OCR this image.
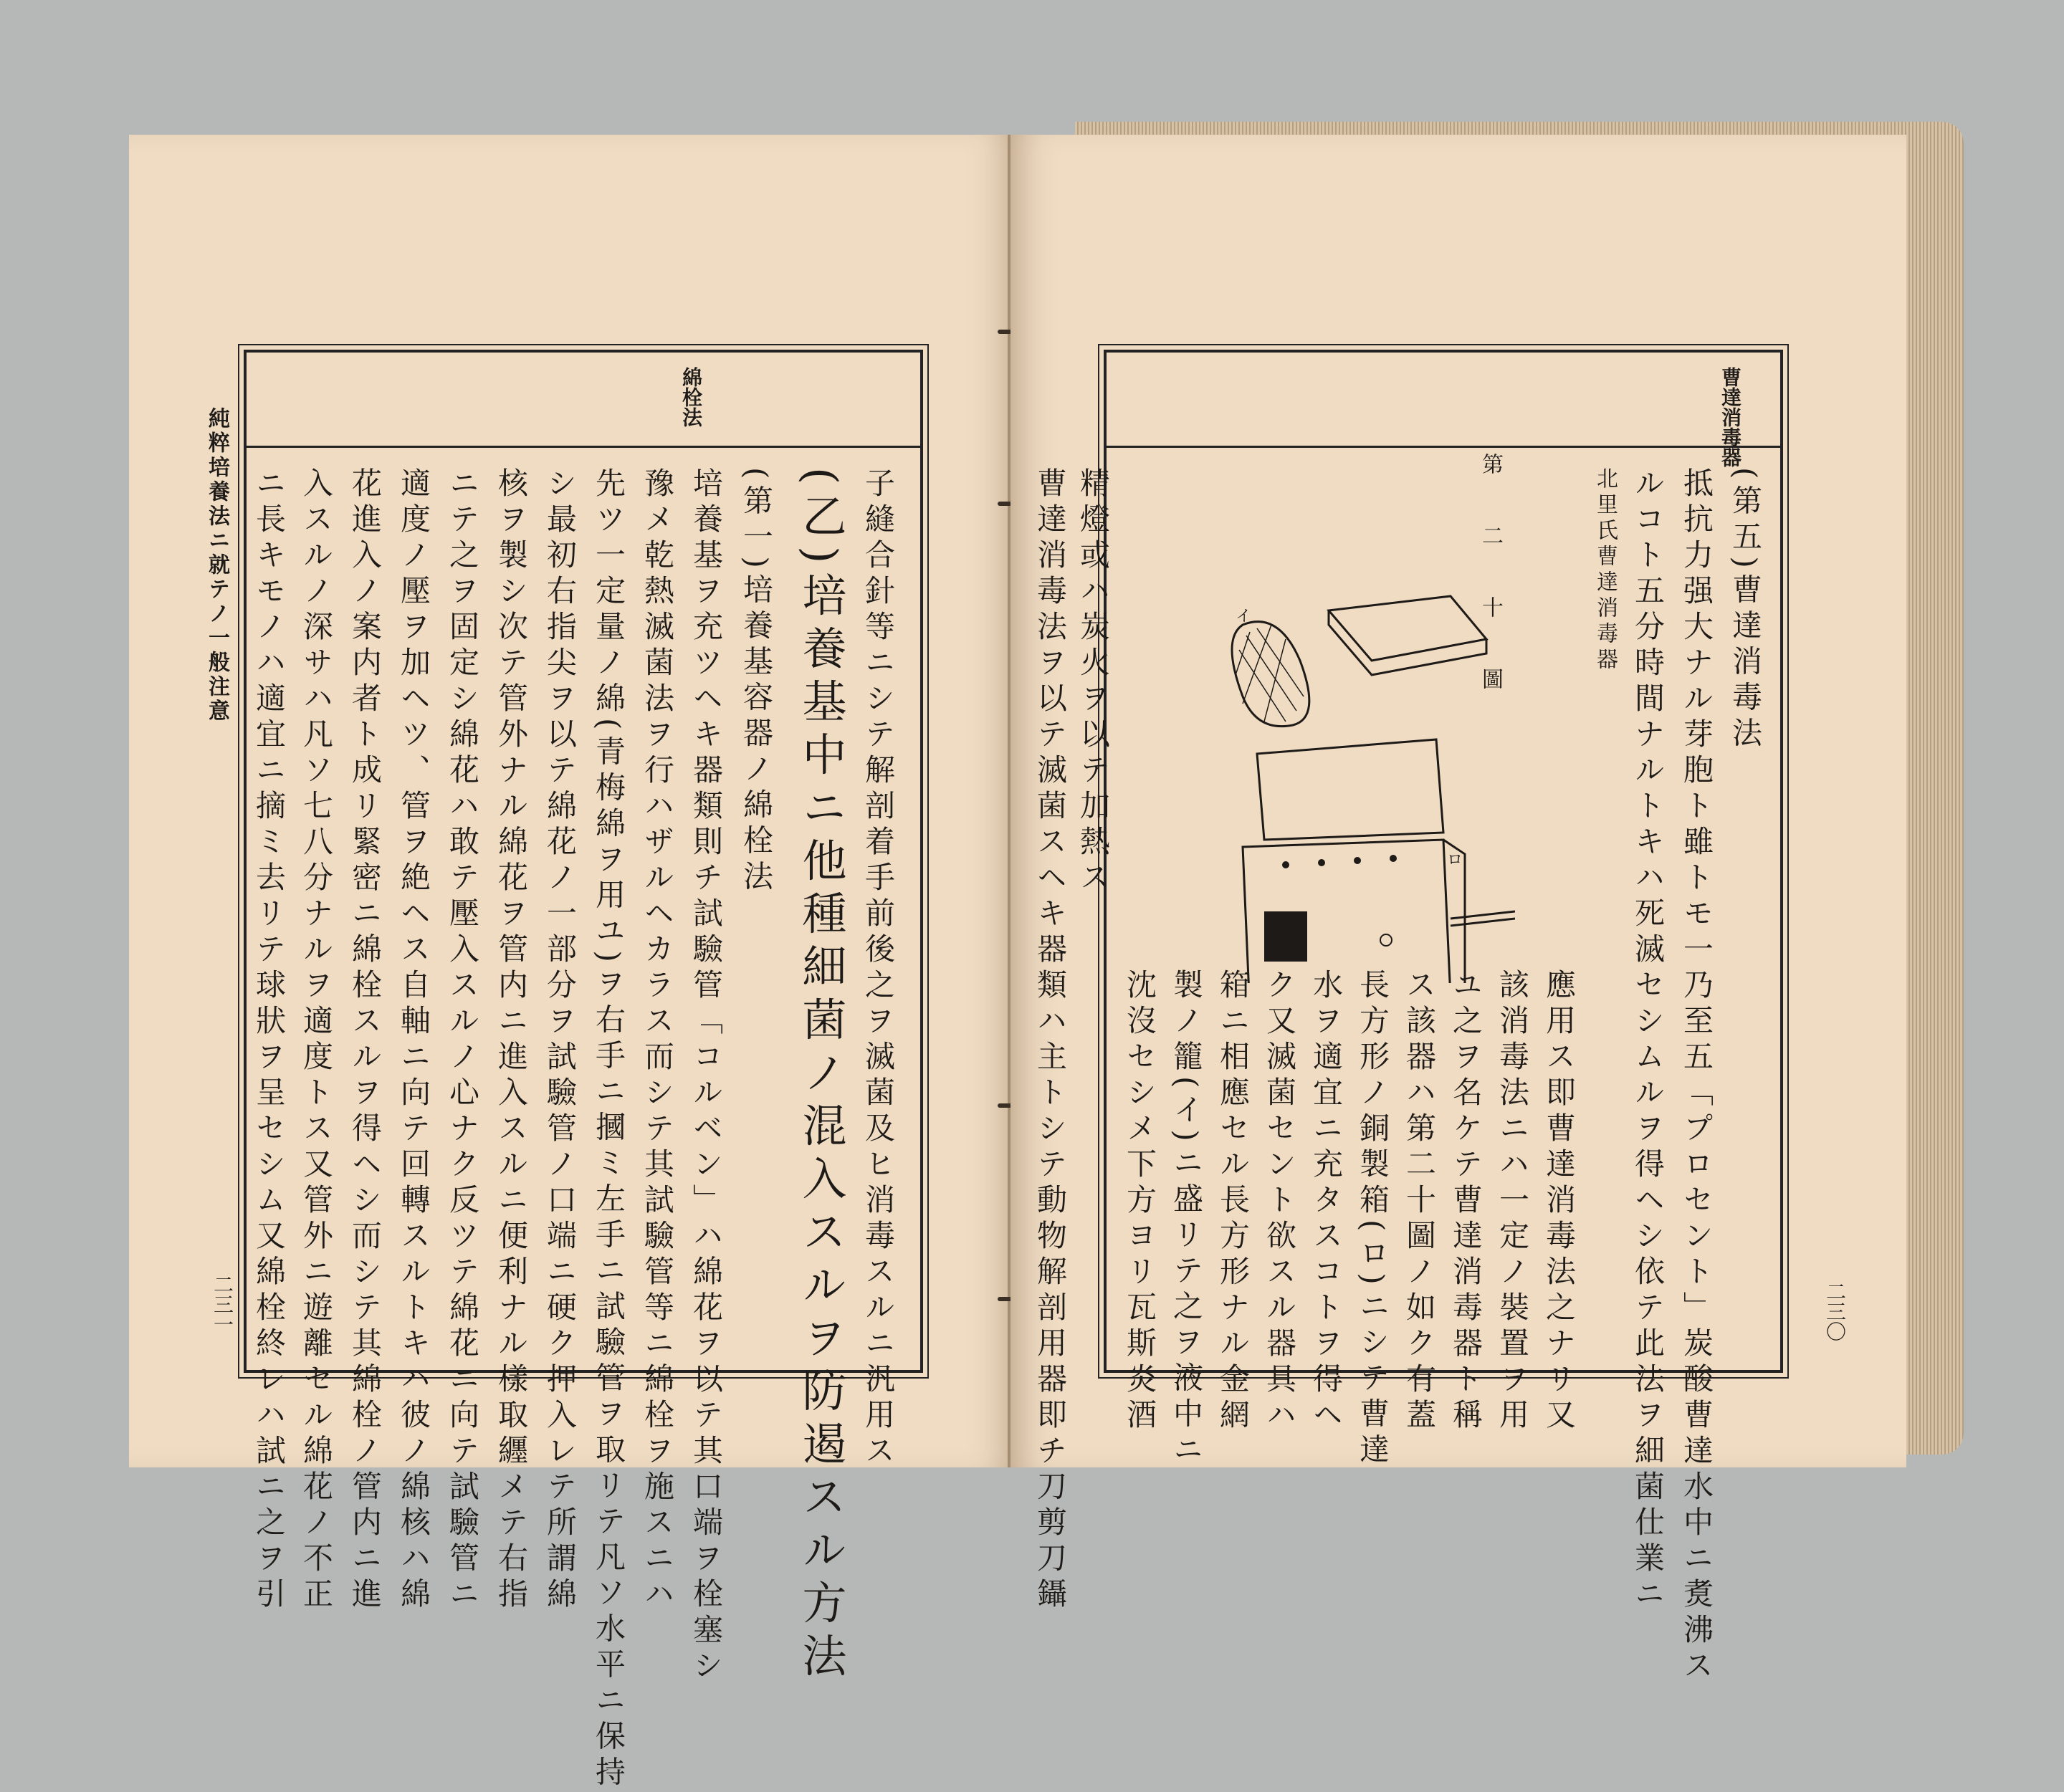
純粹培養法ニ就テノ一般注意
二三一
綿栓法
子縫合針等ニシテ解剖着手前後之ヲ滅菌及ヒ消毒スルニ汎用ス
(乙)培養基中ニ他種細菌ノ混入スルヲ防遏スル方法
(第一)培養基容器ノ綿栓法
培養基ヲ充ツヘキ器類則チ試驗管「コルベン」ハ綿花ヲ以テ其口端ヲ栓塞シ
豫メ乾熱滅菌法ヲ行ハザルヘカラス而シテ其試驗管等ニ綿栓ヲ施スニハ
先ツ一定量ノ綿(青梅綿ヲ用ユ)ヲ右手ニ摑ミ左手ニ試驗管ヲ取リテ凡ソ水平ニ保持
シ最初右指尖ヲ以テ綿花ノ一部分ヲ試驗管ノ口端ニ硬ク押入レテ所謂綿
核ヲ製シ次テ管外ナル綿花ヲ管内ニ進入スルニ便利ナル樣取纒メテ右指
ニテ之ヲ固定シ綿花ハ敢テ壓入スルノ心ナク反ツテ綿花ニ向テ試驗管ニ
適度ノ壓ヲ加ヘツ、管ヲ絶ヘス自軸ニ向テ回轉スルトキハ彼ノ綿核ハ綿
花進入ノ案内者ト成リ緊密ニ綿栓スルヲ得ヘシ而シテ其綿栓ノ管内ニ進
入スルノ深サハ凡ソ七八分ナルヲ適度トス又管外ニ遊離セル綿花ノ不正
ニ長キモノハ適宜ニ摘ミ去リテ球狀ヲ呈セシム又綿栓終レハ試ニ之ヲ引	二三〇
曹達消毒器
(第五)曹達消毒法
抵抗力强大ナル芽胞ト雖トモ一乃至五「プロセント」炭酸曹達水中ニ煑沸ス
ルコト五分時間ナルトキハ死滅セシムルヲ得ヘシ依テ此法ヲ細菌仕業ニ
北里氏曹達消毒器
應用ス即曹達消毒法之ナリ又
該消毒法ニハ一定ノ裝置ヲ用
ユ之ヲ名ケテ曹達消毒器ト稱
ス該器ハ第二十圖ノ如ク有蓋
長方形ノ銅製箱(ロ)ニシテ曹達
水ヲ適宜ニ充タスコトヲ得ヘ
ク又滅菌セント欲スル器具ハ
箱ニ相應セル長方形ナル金網
製ノ籠(イ)ニ盛リテ之ヲ液中ニ
沈沒セシメ下方ヨリ瓦斯炎酒
精燈或ハ炭火ヲ以テ加熱ス
曹達消毒法ヲ以テ滅菌スヘキ器類ハ主トシテ動物解剖用器即チ刀剪刀鑷	第二十圖
イ
ロ
